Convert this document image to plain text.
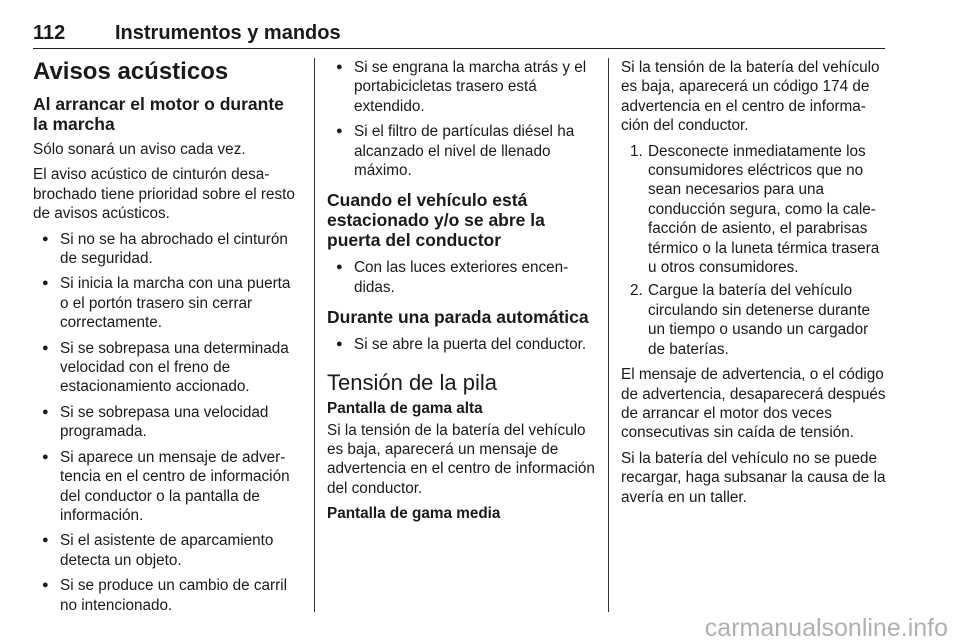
112 Instrumentos y mandos
Avisos acústicos
Al arrancar el motor o durante la marcha

Sólo sonará un aviso cada vez.

El aviso acústico de cinturón desabrochado tiene prioridad sobre el resto de avisos acústicos.

● Si no se ha abrochado el cinturón de seguridad.
● Si inicia la marcha con una puerta o el portón trasero sin cerrar correctamente.
● Si se sobrepasa una determinada velocidad con el freno de estacionamiento accionado.
● Si se sobrepasa una velocidad programada.
● Si aparece un mensaje de advertencia en el centro de información del conductor o la pantalla de información.
● Si el asistente de aparcamiento detecta un objeto.
● Si se produce un cambio de carril no intencionado.
● Si se engrana la marcha atrás y el portabicicletas trasero está extendido.
● Si el filtro de partículas diésel ha alcanzado el nivel de llenado máximo.
Cuando el vehículo está estacionado y/o se abre la puerta del conductor
● Con las luces exteriores encendidas.
Durante una parada automática
● Si se abre la puerta del conductor.
Tensión de la pila
Pantalla de gama alta

Si la tensión de la batería del vehículo es baja, aparecerá un mensaje de advertencia en el centro de información del conductor.

Pantalla de gama media

Si la tensión de la batería del vehículo es baja, aparecerá un código 174 de advertencia en el centro de información del conductor.

1. Desconecte inmediatamente los consumidores eléctricos que no sean necesarios para una conducción segura, como la calefacción de asiento, el parabrisas térmico o la luneta térmica trasera u otros consumidores.
2. Cargue la batería del vehículo circulando sin detenerse durante un tiempo o usando un cargador de baterías.

El mensaje de advertencia, o el código de advertencia, desaparecerá después de arrancar el motor dos veces consecutivas sin caída de tensión.

Si la batería del vehículo no se puede recargar, haga subsanar la causa de la avería en un taller.

carmanualsonline.info
